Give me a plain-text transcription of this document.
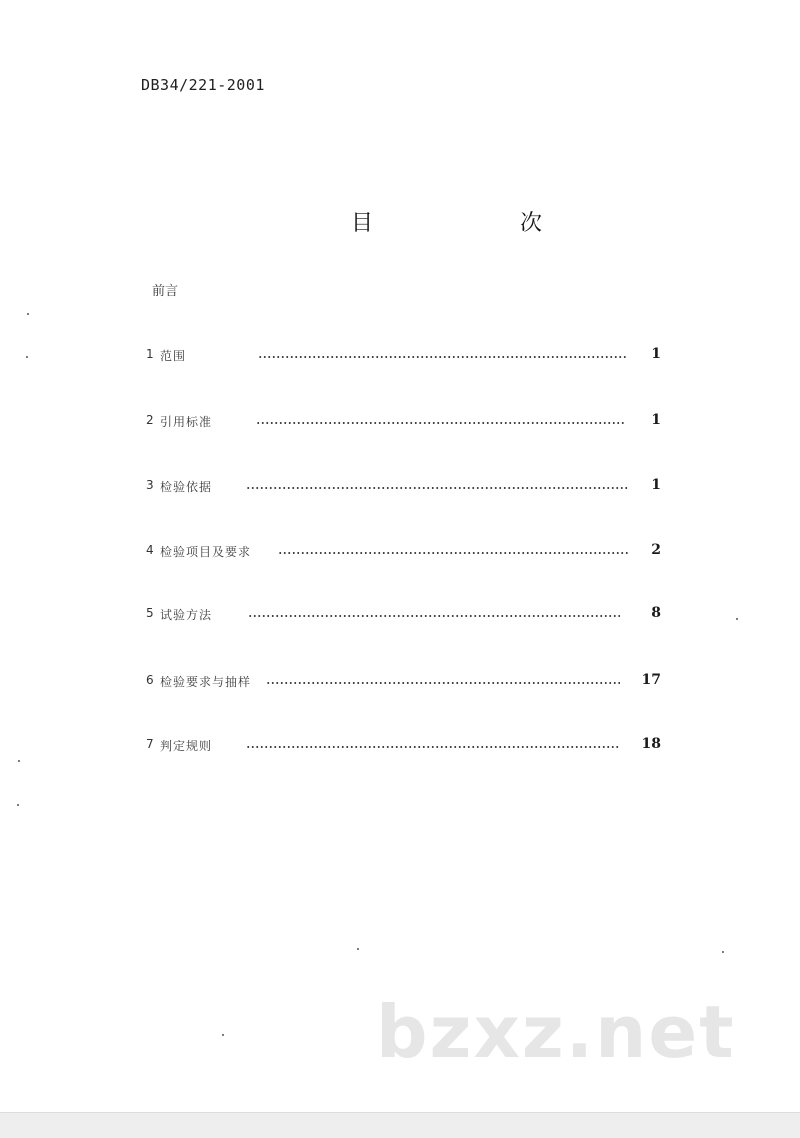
DB34/221-2001
目	次
前言
1 范围	1
2 引用标准	1
3 检验依据	1
4 检验项目及要求	2
5 试验方法	8
6 检验要求与抽样	17
7 判定规则	18
bzxz.net
